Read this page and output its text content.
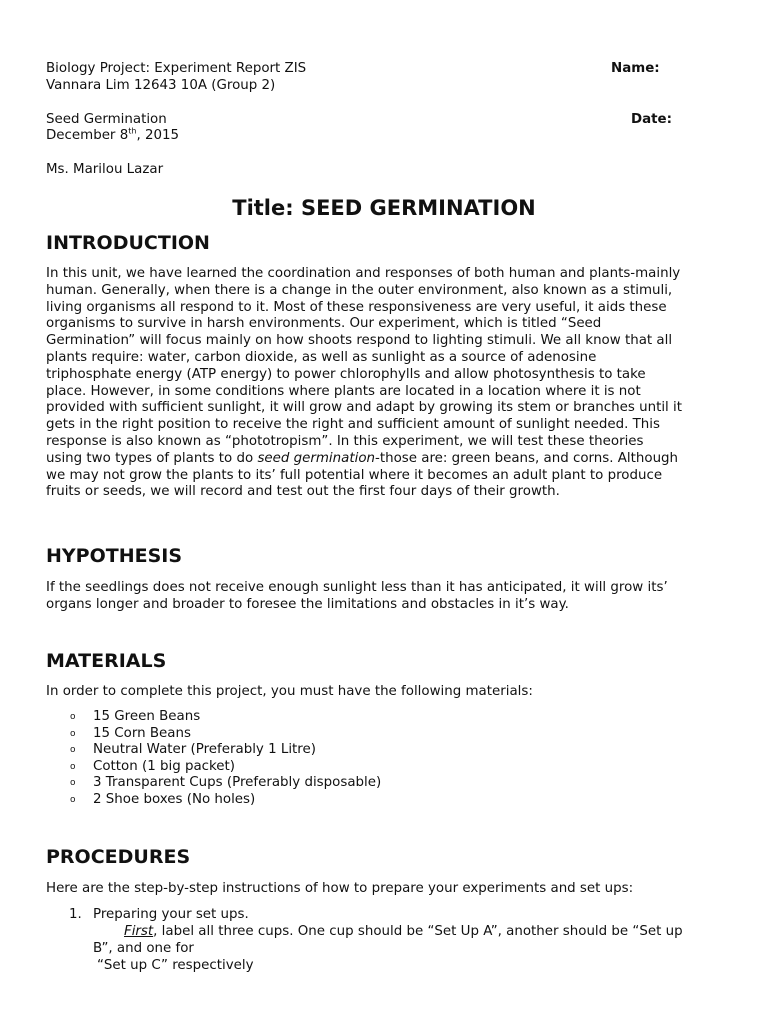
Biology Project: Experiment Report ZIS	Name:
Vannara Lim 12643 10A (Group 2)
Seed Germination	Date:
December 8th, 2015
Ms. Marilou Lazar
Title: SEED GERMINATION
INTRODUCTION

In this unit, we have learned the coordination and responses of both human and plants-mainly

human. Generally, when there is a change in the outer environment, also known as a stimuli,

living organisms all respond to it. Most of these responsiveness are very useful, it aids these

organisms to survive in harsh environments. Our experiment, which is titled “Seed

Germination” will focus mainly on how shoots respond to lighting stimuli. We all know that all

plants require: water, carbon dioxide, as well as sunlight as a source of adenosine

triphosphate energy (ATP energy) to power chlorophylls and allow photosynthesis to take

place. However, in some conditions where plants are located in a location where it is not

provided with sufficient sunlight, it will grow and adapt by growing its stem or branches until it

gets in the right position to receive the right and sufficient amount of sunlight needed. This

response is also known as “phototropism”. In this experiment, we will test these theories

using two types of plants to do seed germination-those are: green beans, and corns. Although

we may not grow the plants to its’ full potential where it becomes an adult plant to produce

fruits or seeds, we will record and test out the first four days of their growth.

HYPOTHESIS

If the seedlings does not receive enough sunlight less than it has anticipated, it will grow its’

organs longer and broader to foresee the limitations and obstacles in it’s way.

MATERIALS
In order to complete this project, you must have the following materials:
o 15 Green Beans
o 15 Corn Beans
o Neutral Water (Preferably 1 Litre)
o Cotton (1 big packet)
o 3 Transparent Cups (Preferably disposable)
o 2 Shoe boxes (No holes)
PROCEDURES
Here are the step-by-step instructions of how to prepare your experiments and set ups:
1. Preparing your set ups.
First, label all three cups. One cup should be “Set Up A”, another should be “Set up
B”, and one for
“Set up C” respectively
